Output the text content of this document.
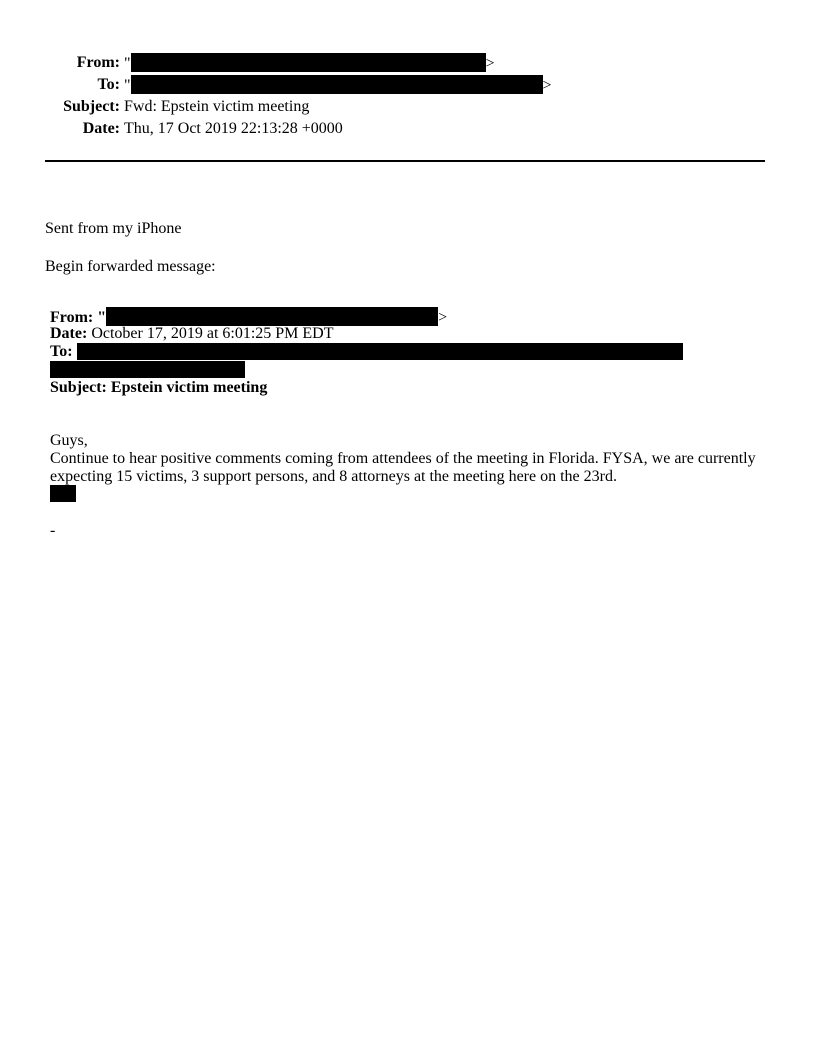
From: "	>
To: "	>
Subject: Fwd: Epstein victim meeting
Date: Thu, 17 Oct 2019 22:13:28 +0000
Sent from my iPhone
Begin forwarded message:
From: "	>
Date: October 17, 2019 at 6:01:25 PM EDT
To:
Subject: Epstein victim meeting
Guys,
Continue to hear positive comments coming from attendees of the meeting in Florida. FYSA, we are currently
expecting 15 victims, 3 support persons, and 8 attorneys at the meeting here on the 23rd.
-
